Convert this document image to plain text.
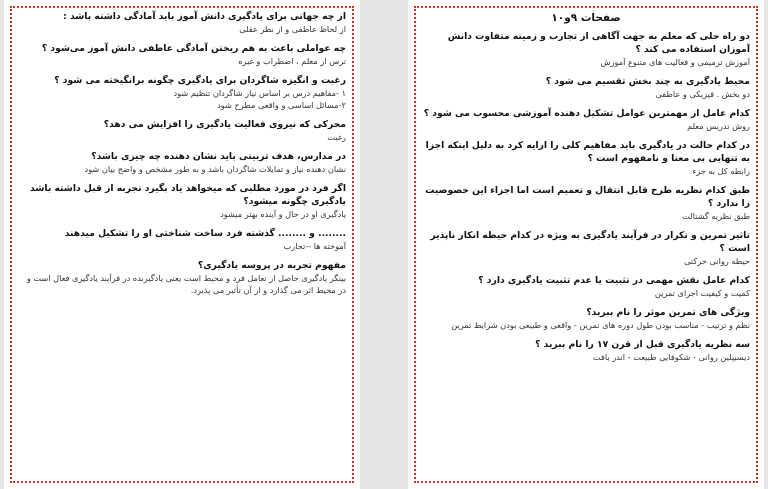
از چه جهاتی برای یادگیری دانش آموز باید آمادگی داشته باشد :
از لحاظ عاطفی و از نظر عقلی
چه عواملی باعث به هم ریختن آمادگی عاطفی دانش آموز می‌شود ؟
ترس از معلم ، اضطراب و غیره
رغبت و انگیزه شاگردان برای یادگیری چگونه برانگیخته می شود ؟
۱ -مفاهیم درس بر اساس نیاز شاگردان تنظیم شود
۲-مسائل اساسی و واقعی مطرح شود
محرکی که نیروی فعالیت یادگیری را افزایش می دهد؟
رغبت
در مدارس، هدف تربیتی باید نشان دهنده چه چیزی باشد؟
نشان دهنده نیاز و تمایلات شاگردان باشد و به طور مشخص و واضح بیان شود
اگر فرد در مورد مطلبی که میخواهد یاد بگیرد تجربه از قبل داشته باشد یادگیری چگونه میشود؟
یادگیری او در حال و آینده بهتر میشود
........ و ........ گذشته فرد ساخت شناختی او را تشکیل میدهند
آموخته ها --تجارب
مفهوم تجربه در پروسه یادگیری؟
بینگر یادگیری حاصل از تعامل فرد و محیط است یعنی یادگیرنده در فرآیند یادگیری فعال است و در محیط اثر می گذارد و از آن تأثیر می پذیرد.
صفحات ۹و۱۰
دو راه حلی که معلم به جهت آگاهی از تجارب و زمینه متفاوت دانش آموزان استفاده می کند ؟
آموزش ترمیمی و فعالیت های متنوع آموزش
محیط یادگیری به چند بخش تقسیم می شود ؟
دو بخش . فیزیکی و عاطفی
کدام عامل از مهمترین عوامل تشکیل دهنده آموزشی محسوب می شود ؟
روش تدریس معلم
در کدام حالت در یادگیری باید مفاهیم کلی را ارایه کرد به دلیل اینکه اجزا به تنهایی بی معنا و نامفهوم است ؟
رابطه کل به جزء
طبق کدام نظریه طرح قابل انتقال و تعمیم است اما اجزاء این خصوصیت را ندارد ؟
طبق نظریه گشتالت
تاثیر تمرین و تکرار در فرآیند یادگیری به ویژه در کدام حیطه انکار ناپذیر است ؟
حیطه روانی حرکتی
کدام عامل نقش مهمی در تثبیت یا عدم تثبیت یادگیری دارد ؟
کمیت و کیفیت اجرای تمرین
ویژگی های تمرین موثر را نام ببرید؟
نظم و ترتیب - مناسب بودن طول دوره های تمرین - واقعی و طبیعی بودن شرایط تمرین
سه نظریه یادگیری قبل از قرن ۱۷ را نام ببرید ؟
دیسیپلین روانی - شکوفایی طبیعت - اندر یافت
